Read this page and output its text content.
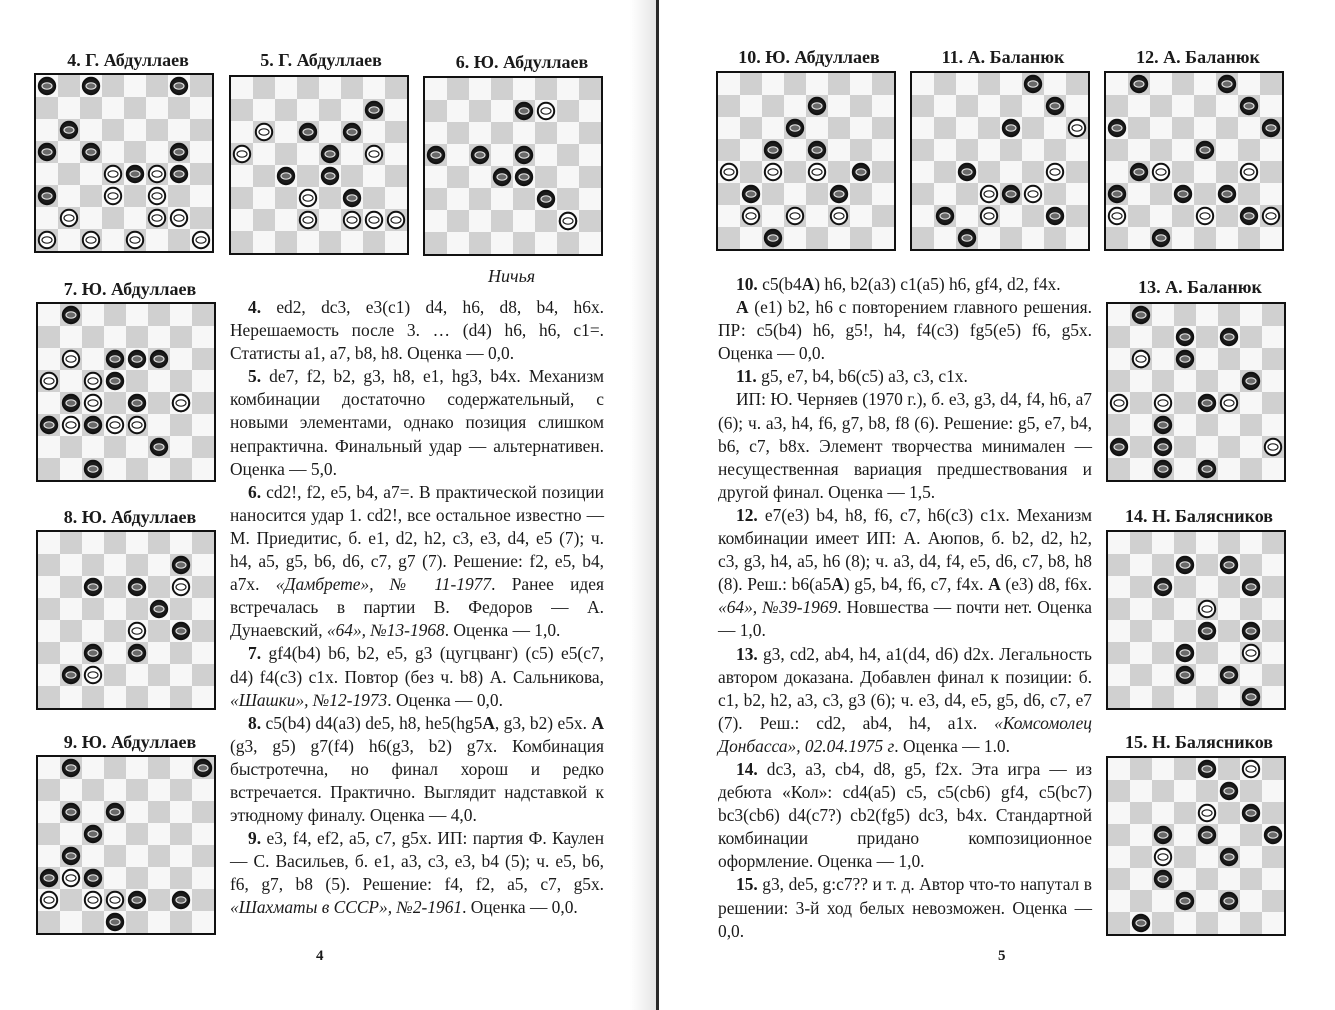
4. Г. Абдуллаев	5. Г. Абдуллаев	6. Ю. Абдуллаев
Ничья
7. Ю. Абдуллаев
8. Ю. Абдуллаев
9. Ю. Абдуллаев

4. ed2, dc3, e3(c1) d4, h6, d8, b4, h6x. Нерешаемость после 3. … (d4) h6, h6, c1=. Статисты a1, a7, b8, h8. Оценка — 0,0.

5. de7, f2, b2, g3, h8, e1, hg3, b4x. Механизм комбинации достаточно содержательный, с новыми элементами, однако позиция слишком непрактична. Финальный удар — альтернативен. Оценка — 5,0.

6. cd2!, f2, e5, b4, a7=. В практической позиции наносится удар 1. cd2!, все остальное известно — М. Приедитис, б. e1, d2, h2, c3, e3, d4, e5 (7); ч. h4, a5, g5, b6, d6, c7, g7 (7). Решение: f2, e5, b4, a7x. «Дамбрете», № 11-1977. Ранее идея встречалась в партии В. Федоров — А. Дунаевский, «64», №13-1968. Оценка — 1,0.

7. gf4(b4) b6, b2, e5, g3 (цугцванг) (c5) e5(c7, d4) f4(c3) c1x. Повтор (без ч. b8) А. Сальникова, «Шашки», №12-1973. Оценка — 0,0.

8. c5(b4) d4(a3) de5, h8, he5(hg5A, g3, b2) e5x. A (g3, g5) g7(f4) h6(g3, b2) g7x. Комбинация быстротечна, но финал хорош и редко встречается. Практично. Выглядит надставкой к этюдному финалу. Оценка — 4,0.

9. e3, f4, ef2, a5, c7, g5x. ИП: партия Ф. Каулен — С. Васильев, б. e1, a3, c3, e3, b4 (5); ч. e5, b6, f6, g7, b8 (5). Решение: f4, f2, a5, c7, g5x. «Шахматы в СССР», №2-1961. Оценка — 0,0.

4
10. Ю. Абдуллаев	11. А. Баланюк	12. А. Баланюк
13. А. Баланюк
14. Н. Балясников
15. Н. Балясников

10. c5(b4A) h6, b2(a3) c1(a5) h6, gf4, d2, f4x.

A (e1) b2, h6 с повторением главного решения. ПР: c5(b4) h6, g5!, h4, f4(c3) fg5(e5) f6, g5x. Оценка — 0,0.

11. g5, e7, b4, b6(c5) a3, c3, c1x.

ИП: Ю. Черняев (1970 г.), б. e3, g3, d4, f4, h6, a7 (6); ч. a3, h4, f6, g7, b8, f8 (6). Решение: g5, e7, b4, b6, c7, b8x. Элемент творчества минимален — несущественная вариация предшествования и другой финал. Оценка — 1,5.

12. e7(e3) b4, h8, f6, c7, h6(c3) c1x. Механизм комбинации имеет ИП: А. Аюпов, б. b2, d2, h2, c3, g3, h4, a5, h6 (8); ч. a3, d4, f4, e5, d6, c7, b8, h8 (8). Реш.: b6(a5A) g5, b4, f6, c7, f4x. A (e3) d8, f6x. «64», №39-1969. Новшества — почти нет. Оценка — 1,0.

13. g3, cd2, ab4, h4, a1(d4, d6) d2x. Легальность автором доказана. Добавлен финал к позиции: б. c1, b2, h2, a3, c3, g3 (6); ч. e3, d4, e5, g5, d6, c7, e7 (7). Реш.: cd2, ab4, h4, a1x. «Комсомолец Донбасса», 02.04.1975 г. Оценка — 1.0.

14. dc3, a3, cb4, d8, g5, f2x. Эта игра — из дебюта «Кол»: cd4(a5) c5, c5(cb6) gf4, c5(bc7) bc3(cb6) d4(c7?) cb2(fg5) dc3, b4x. Стандартной комбинации придано композиционное оформление. Оценка — 1,0.

15. g3, de5, g:c7?? и т. д. Автор что-то напутал в решении: 3-й ход белых невозможен. Оценка — 0,0.

5
